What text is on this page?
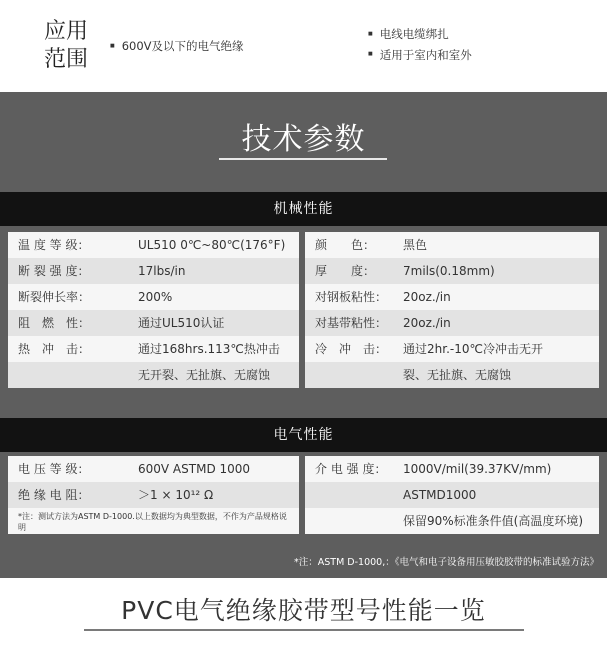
应用
范围
■ 600V及以下的电气绝缘
■ 电线电缆绑扎
■ 适用于室内和室外
技术参数
机械性能
温 度 等 级：	UL510 0℃~80℃(176°F)
断 裂 强 度：	17lbs/in
断裂伸长率：	200%
阻　燃　性：	通过UL510认证
热　冲　击：	通过168hrs.113℃热冲击
无开裂、无扯旗、无腐蚀
颜　　色： 黑色
厚　　度： 7mils(0.18mm)
对钢板粘性： 20oz./in
对基带粘性： 20oz./in
冷　冲　击： 通过2hr.-10℃冷冲击无开
裂、无扯旗、无腐蚀
电气性能
电 压 等 级：	600V ASTMD 1000
绝 缘 电 阻：	＞1 × 10¹² Ω
*注：测试方法为ASTM D-1000.以上数据均为典型数据，不作为产品规格说明
介 电 强 度： 1000V/mil(39.37KV/mm)
ASTMD1000
保留90%标准条件值(高温度环境)
*注：ASTM D-1000,：《电气和电子设备用压敏胶胶带的标准试验方法》
PVC电气绝缘胶带型号性能一览
